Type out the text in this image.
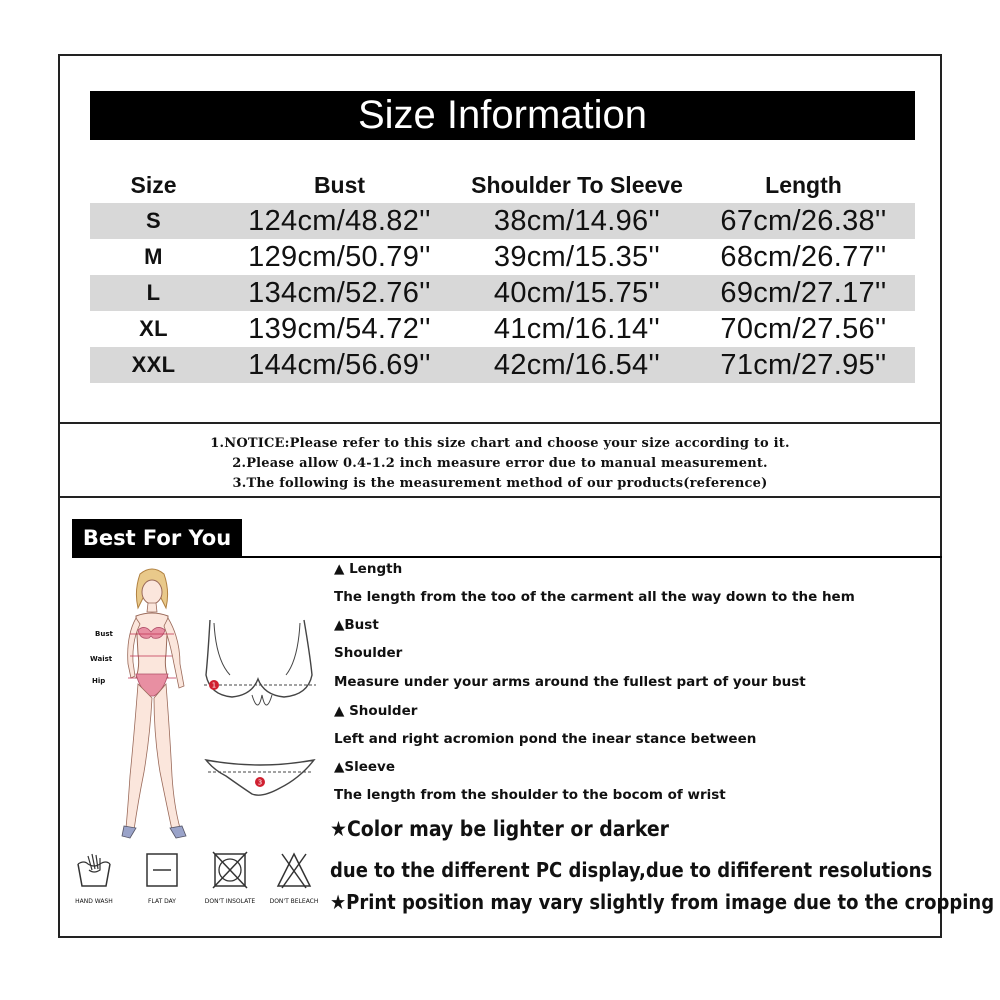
Size Information
Size	Bust	Shoulder To Sleeve	Length
S	124cm/48.82''	38cm/14.96''	67cm/26.38''
M	129cm/50.79''	39cm/15.35''	68cm/26.77''
L	134cm/52.76''	40cm/15.75''	69cm/27.17''
XL	139cm/54.72''	41cm/16.14''	70cm/27.56''
XXL	144cm/56.69''	42cm/16.54''	71cm/27.95''
1.NOTICE:Please refer to this size chart and choose your size according to it.
2.Please allow 0.4-1.2 inch measure error due to manual measurement.
3.The following is the measurement method of our products(reference)
Best For You
Bust
Waist
Hip
1
3
▲ Length
The length from the too of the carment all the way down to the hem
▲Bust
Shoulder
Measure under your arms around the fullest part of your bust
▲ Shoulder
Left and right acromion pond the inear stance between
▲Sleeve
The length from the shoulder to the bocom of wrist
★Color may be lighter or darker
due to the different PC display,due to dififerent resolutions
★Print position may vary slightly from image due to the cropping
HAND WASH	FLAT DAY	DON'T INSOLATE	DON'T BELEACH
